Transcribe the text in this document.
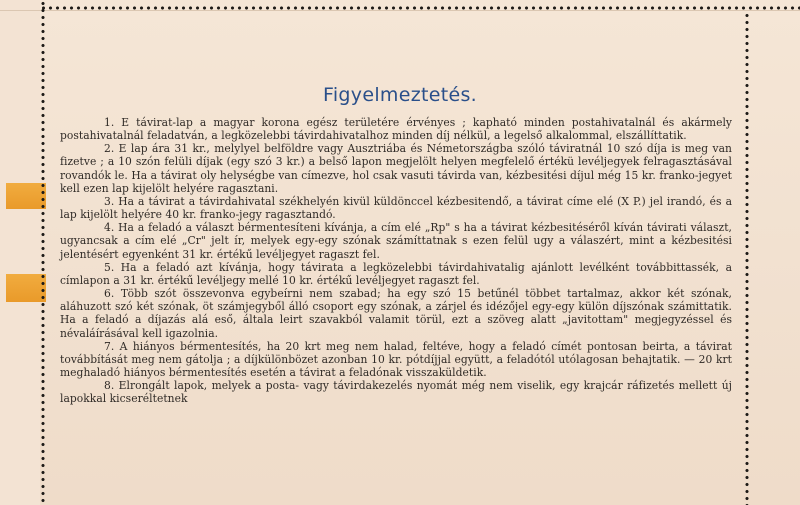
Figyelmeztetés.

1. E távirat-lap a magyar korona egész területére érvényes ; kapható minden postahivatalnál és akármely postahivatalnál feladatván, a legközelebbi távirdahivatalhoz minden díj nélkül, a legelső alkalommal, elszállíttatik.

2. E lap ára 31 kr., melylyel belföldre vagy Ausztriába és Németországba szóló táviratnál 10 szó díja is meg van fizetve ; a 10 szón felüli díjak (egy szó 3 kr.) a belső lapon megjelölt helyen megfelelő értékü levéljegyek felragasztásával rovandók le. Ha a távirat oly helységbe van címezve, hol csak vasuti távirda van, kézbesitési díjul még 15 kr. franko-jegyet kell ezen lap kijelölt helyére ragasztani.

3. Ha a távirat a távirdahivatal székhelyén kivül küldönccel kézbesitendő, a távirat címe elé (X P.) jel irandó, és a lap kijelölt helyére 40 kr. franko-jegy ragasztandó.

4. Ha a feladó a választ bérmentesíteni kívánja, a cím elé „Rp" s ha a távirat kézbesitéséről kíván távirati választ, ugyancsak a cím elé „Cr" jelt ír, melyek egy-egy szónak számíttatnak s ezen felül ugy a válaszért, mint a kézbesitési jelentésért egyenként 31 kr. értékű levéljegyet ragaszt fel.

5. Ha a feladó azt kívánja, hogy táviratа a legközelebbi távirdahivatalig ajánlott levélként továbbittassék, a címlapon a 31 kr. értékű levéljegy mellé 10 kr. értékű levéljegyet ragaszt fel.

6. Több szót összevonva egybeírni nem szabad; ha egy szó 15 betűnél többet tartalmaz, akkor két szónak, aláhuzott szó két szónak, öt számjegyből álló csoport egy szónak, a zárjel és idézőjel egy-egy külön díjszónak számittatik. Ha a feladó a díjazás alá eső, általa leirt szavakból valamit törül, ezt a szöveg alatt „javitottam" megjegyzéssel és névaláírásával kell igazolnia.

7. A hiányos bérmentesítés, ha 20 krt meg nem halad, feltéve, hogy a feladó címét pontosan beirta, a távirat továbbítását meg nem gátolja ; a díjkülönbözet azonban 10 kr. pótdíjjal együtt, a feladótól utólagosan behajtatik. — 20 krt meghaladó hiányos bérmentesítés esetén a távirat a feladónak visszaküldetik.

8. Elrongált lapok, melyek a posta- vagy távirdakezelés nyomát még nem viselik, egy krajcár ráfizetés mellett új lapokkal kicseréltetnek
